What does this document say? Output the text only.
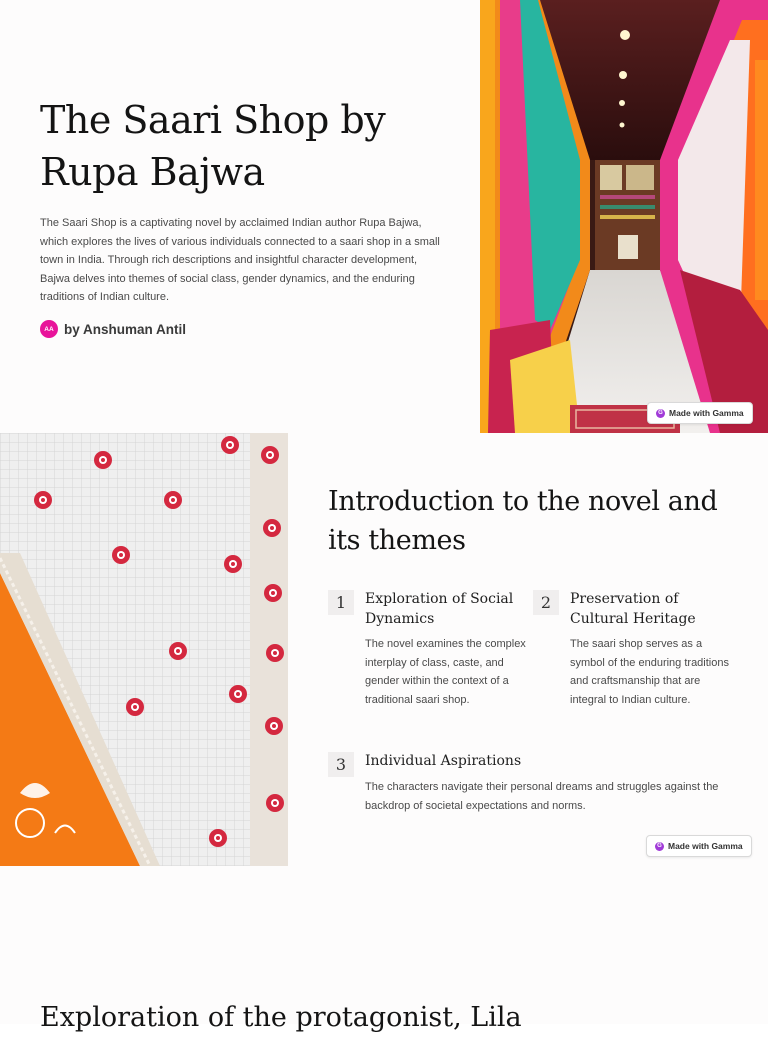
The Saari Shop by Rupa Bajwa

The Saari Shop is a captivating novel by acclaimed Indian author Rupa Bajwa, which explores the lives of various individuals connected to a saari shop in a small town in India. Through rich descriptions and insightful character development, Bajwa delves into themes of social class, gender dynamics, and the enduring traditions of Indian culture.

AA by Anshuman Antil
G Made with Gamma
Introduction to the novel and its themes
1	Exploration of Social Dynamics

The novel examines the complex interplay of class, caste, and gender within the context of a traditional saari shop.

2	Preservation of Cultural Heritage

The saari shop serves as a symbol of the enduring traditions and craftsmanship that are integral to Indian culture.

3	Individual Aspirations

The characters navigate their personal dreams and struggles against the backdrop of societal expectations and norms.

G Made with Gamma
Exploration of the protagonist, Lila
